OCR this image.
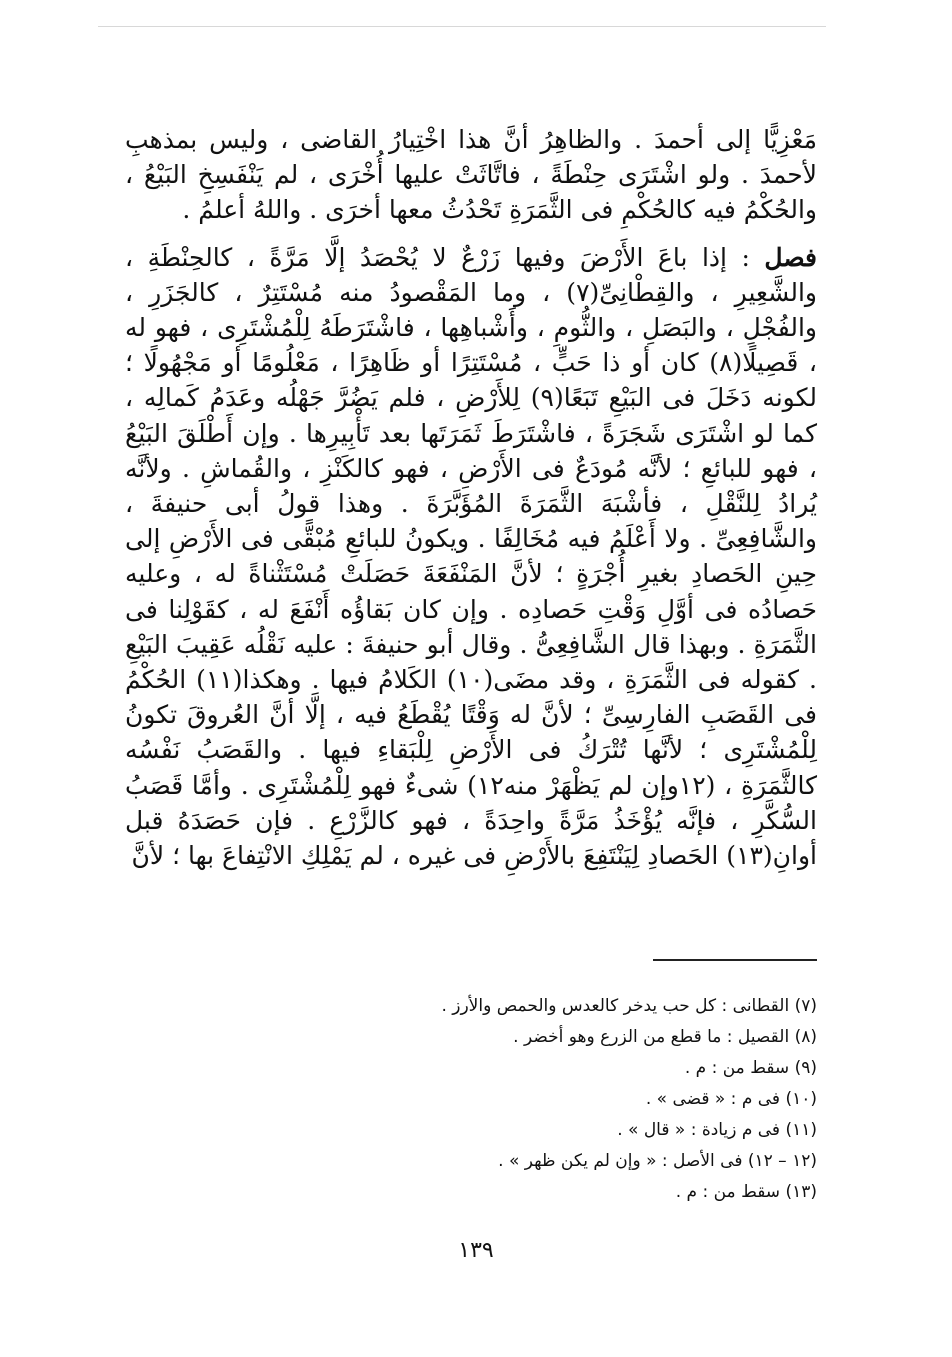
مَعْزِيًّا إلى أحمدَ . والظاهِرُ أنَّ هذا اخْتِيارُ القاضى ، وليس بمذهبِ لأحمدَ . ولو اشْتَرَى حِنْطَةً ، فاتَّاثَتْ عليها أُخْرَى ، لم يَنْفَسِخِ البَيْعُ ، والحُكْمُ فيه كالحُكْمِ فى الثَّمَرَةِ تَحْدُثُ معها أخرَى . واللهُ أعلمُ .

فصل : إذا باعَ الأَرْضَ وفيها زَرْعٌ لا يُحْصَدُ إلَّا مَرَّةً ، كالحِنْطَةِ ، والشَّعِيرِ ، والقِطْانِىِّ(٧) ، وما المَقْصودُ منه مُسْتَتِرٌ ، كالجَزَرِ ، والفُجْلِ ، والبَصَلِ ، والثُّومِ ، وأَشْباهِها ، فاشْتَرَطَهُ لِلْمُشْتَرِى ، فهو له ، قَصِيلًا(٨) كان أو ذا حَبٍّ ، مُسْتَتِرًا أو ظَاهِرًا ، مَعْلُومًا أو مَجْهُولًا ؛ لكونه دَخَلَ فى البَيْعِ تَبَعًا(٩) لِلأَرْضِ ، فلم يَضُرَّ جَهْلُه وعَدَمُ كَمالِه ، كما لو اشْتَرَى شَجَرَةً ، فاشْتَرَطَ ثَمَرَتَها بعد تَأْبِيرِها . وإن أَطْلَقَ البَيْعُ ، فهو للبائعِ ؛ لأنَّه مُودَعٌ فى الأَرْضِ ، فهو كالكَنْزِ ، والقُماشِ . ولأنَّه يُرادُ لِلنَّقْلِ ، فأشْبَهَ الثَّمَرَةَ المُؤَبَّرَةَ . وهذا قولُ أبى حنيفةَ ، والشَّافِعِىِّ . ولا أَعْلَمُ فيه مُخَالِفًا . ويكونُ للبائعِ مُبْقًّى فى الأَرْضِ إلى حِينِ الحَصادِ بغيرِ أُجْرَةٍ ؛ لأنَّ المَنْفَعَةَ حَصَلَتْ مُسْتَثْناةً له ، وعليه حَصادُه فى أوَّلِ وَقْتِ حَصادِه . وإن كان بَقاؤُه أَنْفَعَ له ، كقَوْلِنا فى الثَّمَرَةِ . وبهذا قال الشَّافِعِىُّ . وقال أبو حنيفةَ : عليه نَقْلُه عَقِيبَ البَيْعِ . كقوله فى الثَّمَرَةِ ، وقد مضَى(١٠) الكَلامُ فيها . وهكذا(١١) الحُكْمُ فى القَصَبِ الفارِسِىِّ ؛ لأنَّ له وَقْتًا يُقْطَعُ فيه ، إلَّا أنَّ العُروقَ تكونُ لِلْمُشْتَرِى ؛ لأنَّها تُتْرَكُ فى الأَرْضِ لِلْبَقاءِ فيها . والقَصَبُ نَفْسُه كالثَّمَرَةِ ، (١٢وإن لم يَظْهَرْ منه١٢) شىءٌ فهو لِلْمُشْتَرِى . وأمَّا قَصَبُ السُّكَّرِ ، فإنَّه يُؤْخَذُ مَرَّةً واحِدَةً ، فهو كالزَّرْعِ . فإن حَصَدَهُ قبل أوانِ(١٣) الحَصادِ لِيَنْتَفِعَ بالأَرْضِ فى غيره ، لم يَمْلِكِ الانْتِفاعَ بها ؛ لأنَّ

(٧) القطانى : كل حب يدخر كالعدس والحمص والأرز .
(٨) القصيل : ما قطع من الزرع وهو أخضر .
(٩) سقط من : م .
(١٠) فى م : « قضى » .
(١١) فى م زيادة : « قال » .
(١٢ – ١٢) فى الأصل : « وإن لم يكن ظهر » .
(١٣) سقط من : م .
١٣٩
